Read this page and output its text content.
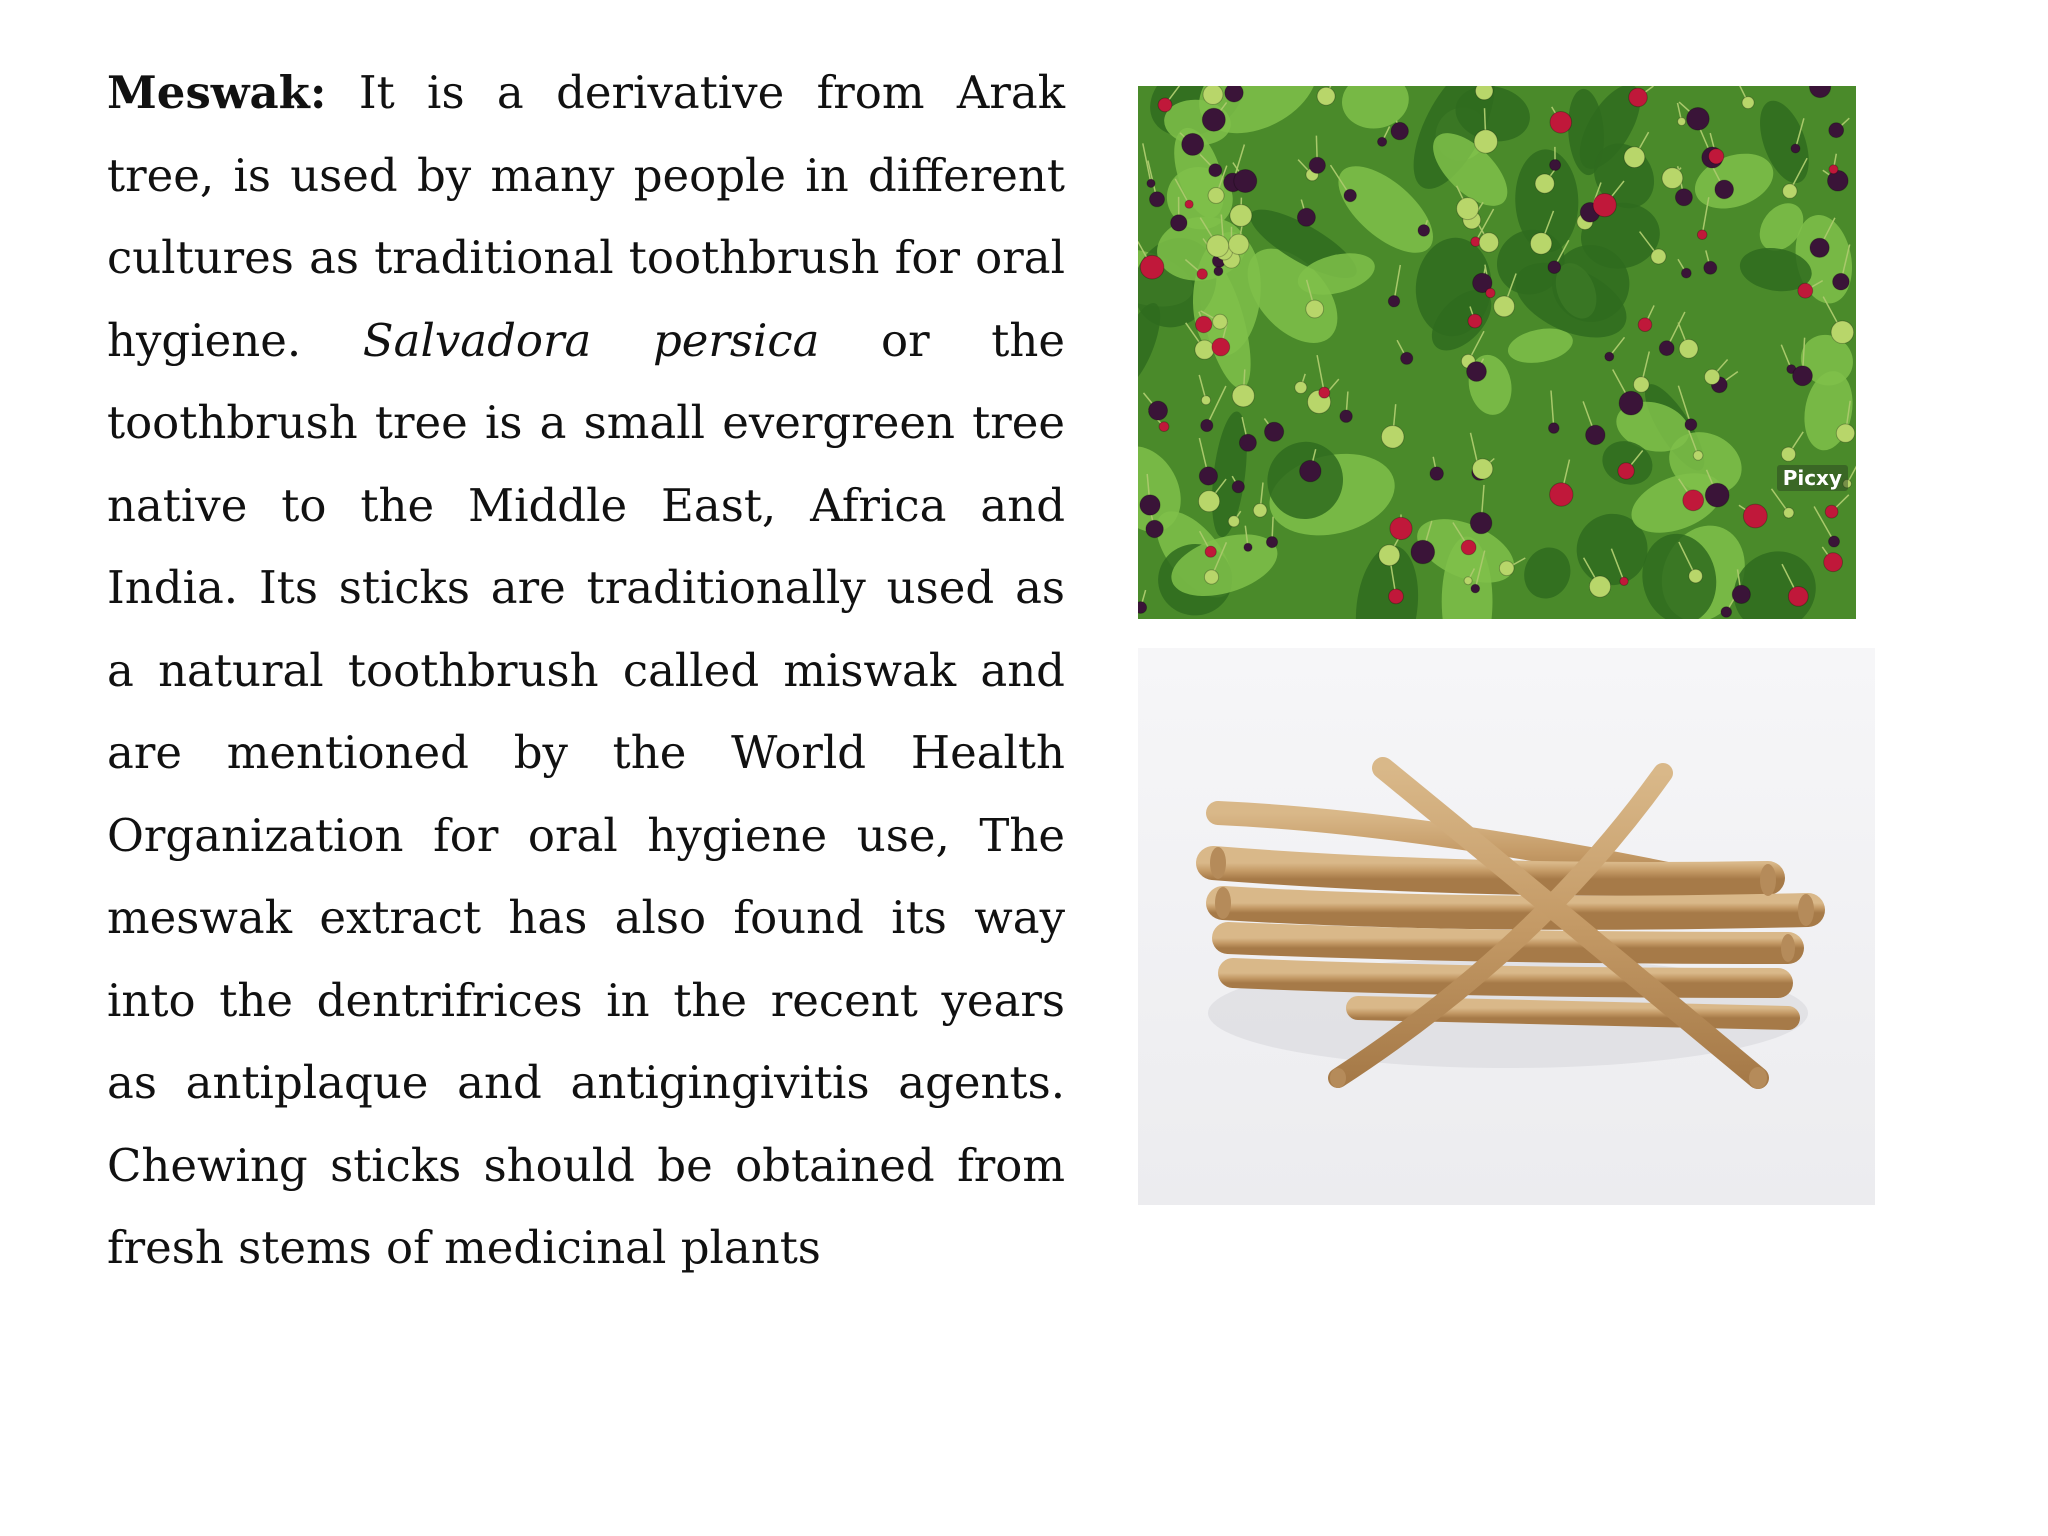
Meswak: It is a derivative from Arak tree, is used by many people in different cultures as traditional toothbrush for oral hygiene. Salvadora persica or the toothbrush tree is a small evergreen tree native to the Middle East, Africa and India. Its sticks are traditionally used as a natural toothbrush called miswak and are mentioned by the World Health Organization for oral hygiene use, The meswak extract has also found its way into the dentrifrices in the recent years as antiplaque and antigingivitis agents. Chewing sticks should be obtained from fresh stems of medicinal plants
Picxy
